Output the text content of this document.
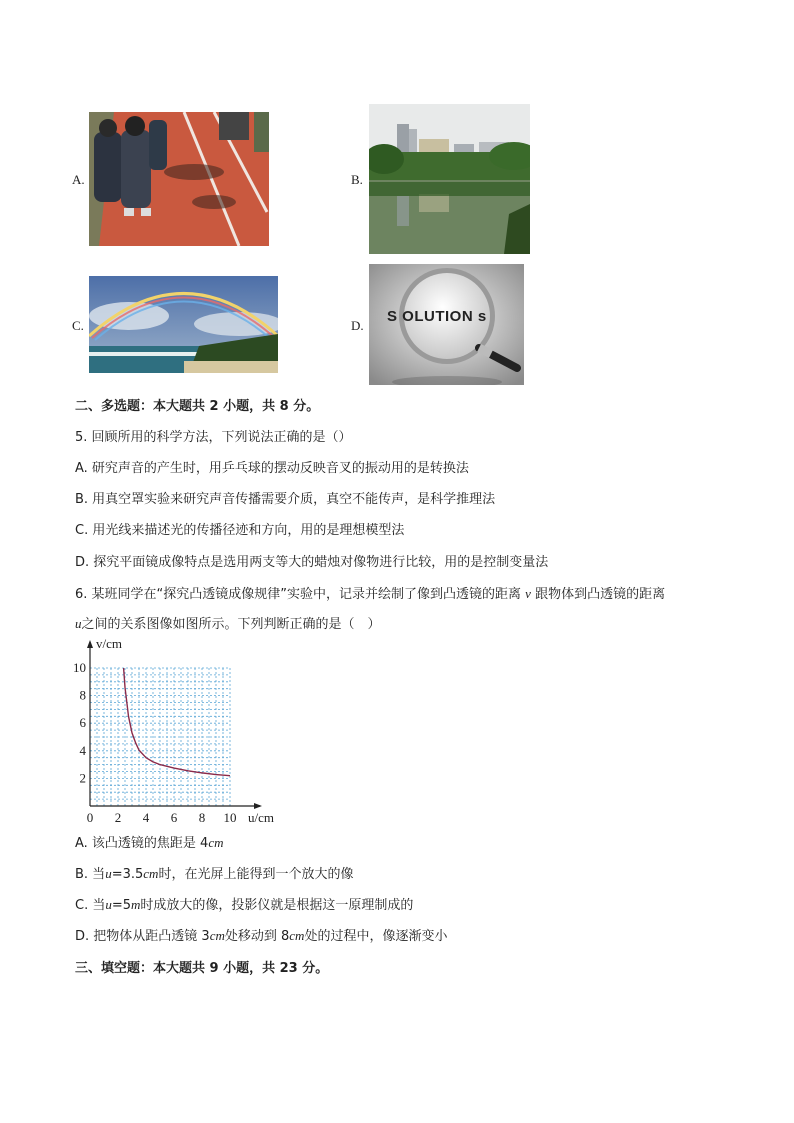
A.	B.
C.	D.
S OLUTION s
二、多选题：本大题共 2 小题，共 8 分。
5. 回顾所用的科学方法，下列说法正确的是（）
A. 研究声音的产生时，用乒乓球的摆动反映音叉的振动用的是转换法
B. 用真空罩实验来研究声音传播需要介质，真空不能传声，是科学推理法
C. 用光线来描述光的传播径迹和方向，用的是理想模型法
D. 探究平面镜成像特点是选用两支等大的蜡烛对像物进行比较，用的是控制变量法
6. 某班同学在“探究凸透镜成像规律”实验中，记录并绘制了像到凸透镜的距离 v 跟物体到凸透镜的距离
u之间的关系图像如图所示。下列判断正确的是（　）
0 2 4 6 8 10
2
4
6
8
10
v/cm
u/cm
A. 该凸透镜的焦距是 4cm
B. 当u=3.5cm时，在光屏上能得到一个放大的像
C. 当u=5m时成放大的像，投影仪就是根据这一原理制成的
D. 把物体从距凸透镜 3cm处移动到 8cm处的过程中，像逐渐变小
三、填空题：本大题共 9 小题，共 23 分。
